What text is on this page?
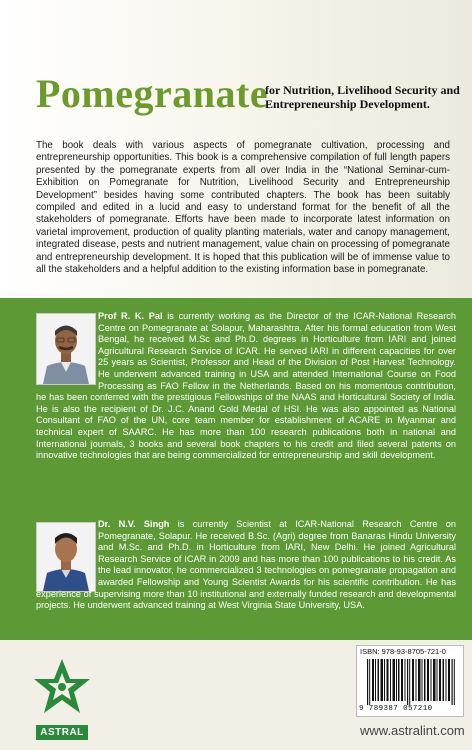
Pomegranate
for Nutrition, Livelihood Security and Entrepreneurship Development.
The book deals with various aspects of pomegranate cultivation, processing and entrepreneurship opportunities. This book is a comprehensive compilation of full length papers presented by the pomegranate experts from all over India in the “National Seminar-cum-Exhibition on Pomegranate for Nutrition, Livelihood Security and Entrepreneurship Development” besides having some contributed chapters. The book has been suitably compiled and edited in a lucid and easy to understand format for the benefit of all the stakeholders of pomegranate. Efforts have been made to incorporate latest information on varietal improvement, production of quality planting materials, water and canopy management, integrated disease, pests and nutrient management, value chain on processing of pomegranate and entrepreneurship development. It is hoped that this publication will be of immense value to all the stakeholders and a helpful addition to the existing information base in pomegranate.
Prof R. K. Pal is currently working as the Director of the ICAR-National Research Centre on Pomegranate at Solapur, Maharashtra. After his formal education from West Bengal, he received M.Sc and Ph.D. degrees in Horticulture from IARI and joined Agricultural Research Service of ICAR. He served IARI in different capacities for over 25 years as Scientist, Professor and Head of the Division of Post Harvest Technology. He underwent advanced training in USA and attended International Course on Food Processing as FAO Fellow in the Netherlands. Based on his momentous contribution, he has been conferred with the prestigious Fellowships of the NAAS and Horticultural Society of India. He is also the recipient of Dr. J.C. Anand Gold Medal of HSI. He was also appointed as National Consultant of FAO of the UN, core team member for establishment of ACARE in Myanmar and technical expert of SAARC. He has more than 100 research publications both in national and International journals, 3 books and several book chapters to his credit and filed several patents on innovative technologies that are being commercialized for entrepreneurship and skill development.
Dr. N.V. Singh is currently Scientist at ICAR-National Research Centre on Pomegranate, Solapur. He received B.Sc. (Agri) degree from Banaras Hindu University and M.Sc. and Ph.D. in Horticulture from IARI, New Delhi. He joined Agricultural Research Service of ICAR in 2009 and has more than 100 publications to his credit. As the lead innovator, he commercialized 3 technologies on pomegranate propagation and awarded Fellowship and Young Scientist Awards for his scientific contribution. He has experience of supervising more than 10 institutional and externally funded research and developmental projects. He underwent advanced training at West Virginia State University, USA.
ASTRAL
ISBN: 978-93-8705-721-0
9 789387 057210
www.astralint.com
